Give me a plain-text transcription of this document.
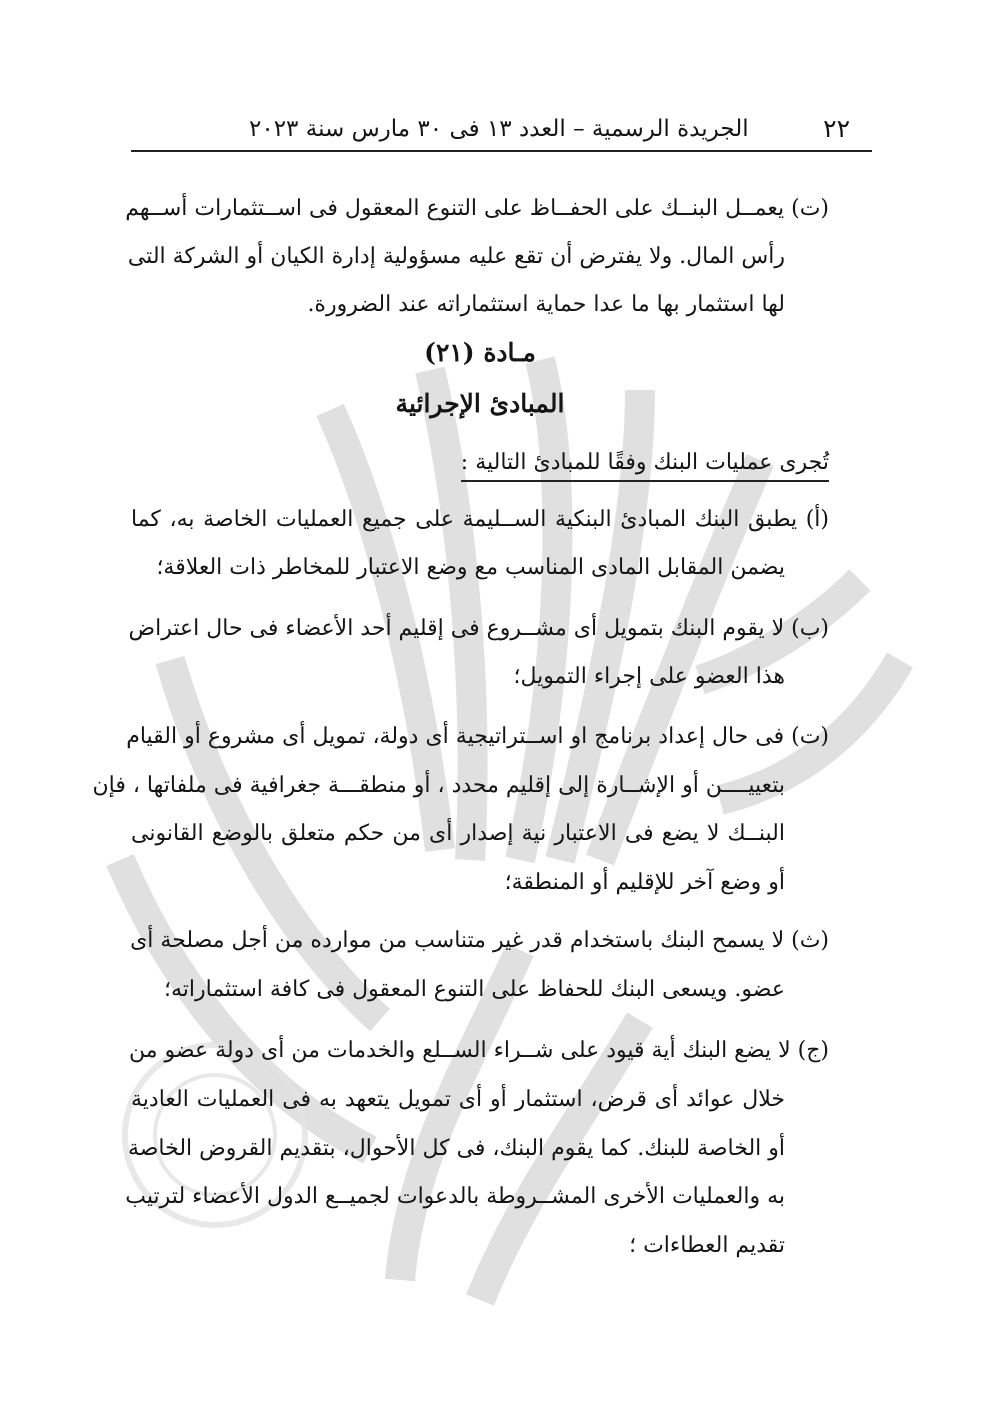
٢٢
الجريدة الرسمية – العدد ١٣ فى ٣٠ مارس سنة ٢٠٢٣
(ت) يعمــل البنــك على الحفــاظ على التنوع المعقول فى اســتثمارات أســهم
رأس المال. ولا يفترض أن تقع عليه مسؤولية إدارة الكيان أو الشركة التى
لها استثمار بها ما عدا حماية استثماراته عند الضرورة.
مـادة (٢١)
المبادئ الإجرائية
تُجرى عمليات البنك وفقًا للمبادئ التالية :
(أ) يطبق البنك المبادئ البنكية الســليمة على جميع العمليات الخاصة به، كما
يضمن المقابل المادى المناسب مع وضع الاعتبار للمخاطر ذات العلاقة؛
(ب) لا يقوم البنك بتمويل أى مشــروع فى إقليم أحد الأعضاء فى حال اعتراض
هذا العضو على إجراء التمويل؛
(ت) فى حال إعداد برنامج او اســتراتيجية أى دولة، تمويل أى مشروع أو القيام
بتعييــــن أو الإشــارة إلى إقليم محدد ، أو منطقـــة جغرافية فى ملفاتها ، فإن
البنــك لا يضع فى الاعتبار نية إصدار أى من حكم متعلق بالوضع القانونى
أو وضع آخر للإقليم أو المنطقة؛
(ث) لا يسمح البنك باستخدام قدر غير متناسب من موارده من أجل مصلحة أى
عضو. ويسعى البنك للحفاظ على التنوع المعقول فى كافة استثماراته؛
(ج) لا يضع البنك أية قيود على شــراء الســلع والخدمات من أى دولة عضو من
خلال عوائد أى قرض، استثمار أو أى تمويل يتعهد به فى العمليات العادية
أو الخاصة للبنك. كما يقوم البنك، فى كل الأحوال، بتقديم القروض الخاصة
به والعمليات الأخرى المشــروطة بالدعوات لجميــع الدول الأعضاء لترتيب
تقديم العطاءات ؛
